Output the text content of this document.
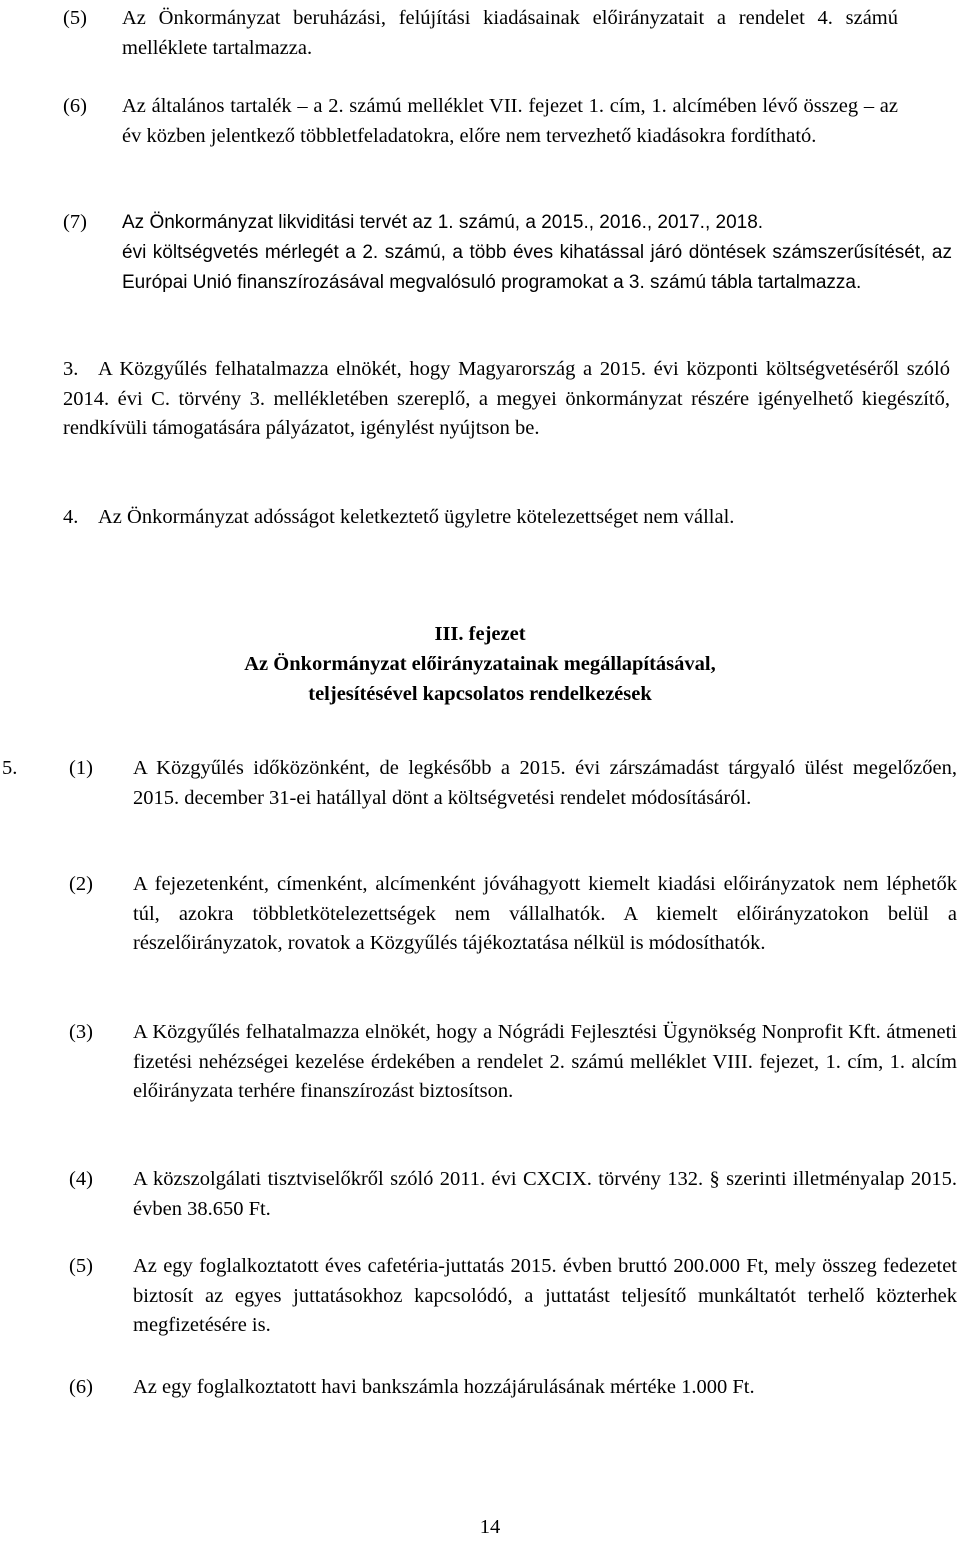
(5) Az Önkormányzat beruházási, felújítási kiadásainak előirányzatait a rendelet 4. számú melléklete tartalmazza.
(6) Az általános tartalék – a 2. számú melléklet VII. fejezet 1. cím, 1. alcímében lévő összeg – az év közben jelentkező többletfeladatokra, előre nem tervezhető kiadásokra fordítható.
(7) Az Önkormányzat likviditási tervét az 1. számú, a 2015., 2016., 2017., 2018.
évi költségvetés mérlegét a 2. számú, a több éves kihatással járó döntések számszerűsítését, az Európai Unió finanszírozásával megvalósuló programokat a 3. számú tábla tartalmazza.
3. A Közgyűlés felhatalmazza elnökét, hogy Magyarország a 2015. évi központi költségvetéséről szóló 2014. évi C. törvény 3. mellékletében szereplő, a megyei önkormányzat részére igényelhető kiegészítő, rendkívüli támogatására pályázatot, igénylést nyújtson be.
4. Az Önkormányzat adósságot keletkeztető ügyletre kötelezettséget nem vállal.
III. fejezet
Az Önkormányzat előirányzatainak megállapításával,
teljesítésével kapcsolatos rendelkezések
5.	(1) A Közgyűlés időközönként, de legkésőbb a 2015. évi zárszámadást tárgyaló ülést megelőzően, 2015. december 31-ei hatállyal dönt a költségvetési rendelet módosításáról.
(2) A fejezetenként, címenként, alcímenként jóváhagyott kiemelt kiadási előirányzatok nem léphetők túl, azokra többletkötelezettségek nem vállalhatók. A kiemelt előirányzatokon belül a részelőirányzatok, rovatok a Közgyűlés tájékoztatása nélkül is módosíthatók.
(3) A Közgyűlés felhatalmazza elnökét, hogy a Nógrádi Fejlesztési Ügynökség Nonprofit Kft. átmeneti fizetési nehézségei kezelése érdekében a rendelet 2. számú melléklet VIII. fejezet, 1. cím, 1. alcím előirányzata terhére finanszírozást biztosítson.
(4) A közszolgálati tisztviselőkről szóló 2011. évi CXCIX. törvény 132. § szerinti illetményalap 2015. évben 38.650 Ft.
(5) Az egy foglalkoztatott éves cafetéria-juttatás 2015. évben bruttó 200.000 Ft, mely összeg fedezetet biztosít az egyes juttatásokhoz kapcsolódó, a juttatást teljesítő munkáltatót terhelő közterhek megfizetésére is.
(6) Az egy foglalkoztatott havi bankszámla hozzájárulásának mértéke 1.000 Ft.
14
